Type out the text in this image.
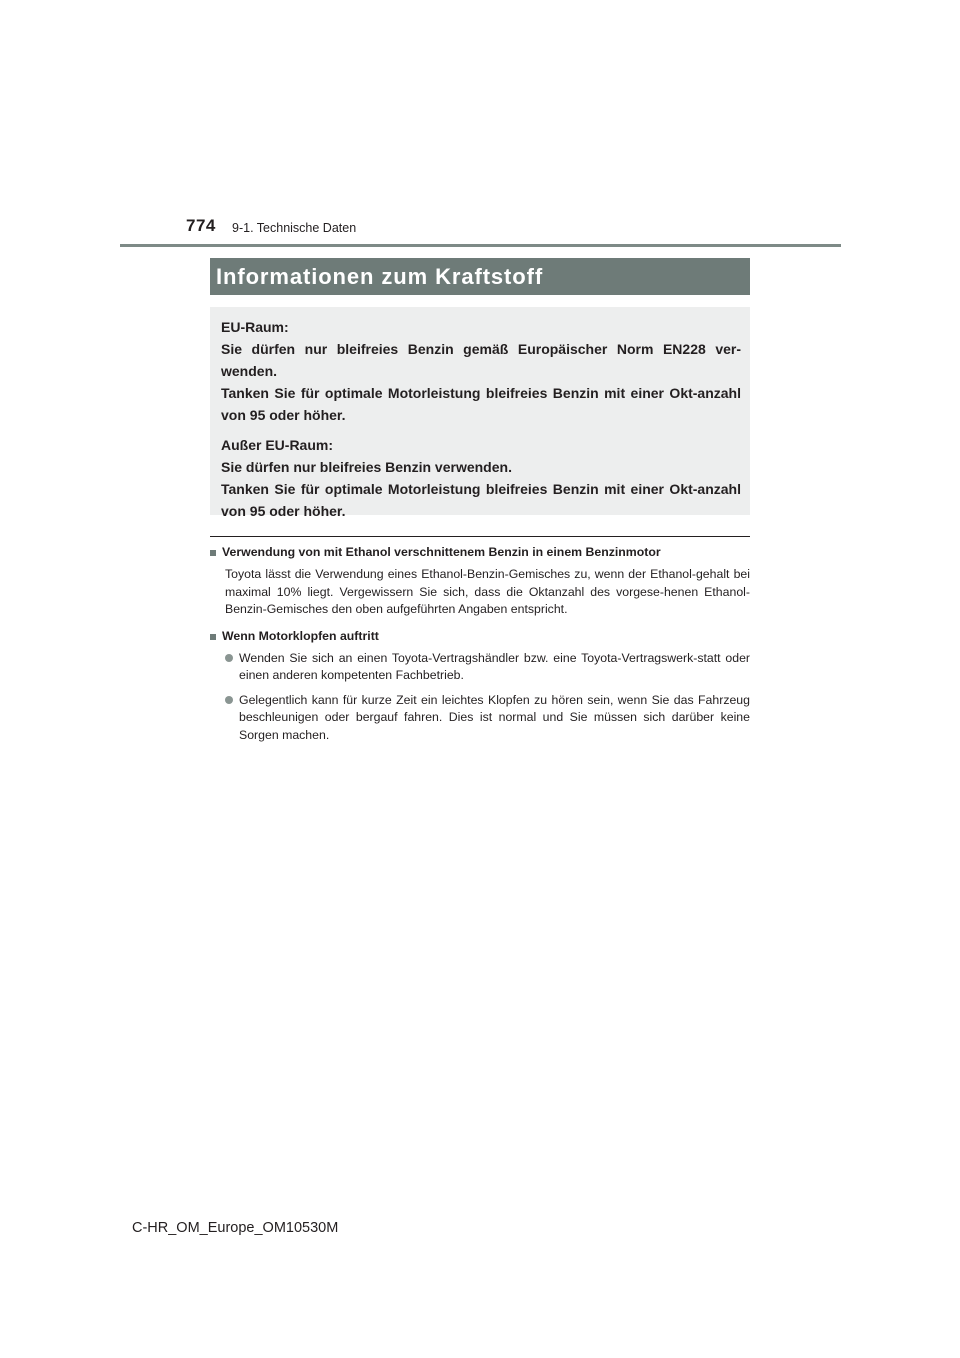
774 9-1. Technische Daten
Informationen zum Kraftstoff

EU-Raum:

Sie dürfen nur bleifreies Benzin gemäß Europäischer Norm EN228 ver-wenden.

Tanken Sie für optimale Motorleistung bleifreies Benzin mit einer Okt-anzahl von 95 oder höher.

Außer EU-Raum:

Sie dürfen nur bleifreies Benzin verwenden.

Tanken Sie für optimale Motorleistung bleifreies Benzin mit einer Okt-anzahl von 95 oder höher.

Verwendung von mit Ethanol verschnittenem Benzin in einem Benzinmotor
Toyota lässt die Verwendung eines Ethanol-Benzin-Gemisches zu, wenn der Ethanol-gehalt bei maximal 10% liegt. Vergewissern Sie sich, dass die Oktanzahl des vorgese-henen Ethanol-Benzin-Gemisches den oben aufgeführten Angaben entspricht.
Wenn Motorklopfen auftritt
Wenden Sie sich an einen Toyota-Vertragshändler bzw. eine Toyota-Vertragswerk-statt oder einen anderen kompetenten Fachbetrieb.
Gelegentlich kann für kurze Zeit ein leichtes Klopfen zu hören sein, wenn Sie das Fahrzeug beschleunigen oder bergauf fahren. Dies ist normal und Sie müssen sich darüber keine Sorgen machen.
C-HR_OM_Europe_OM10530M
